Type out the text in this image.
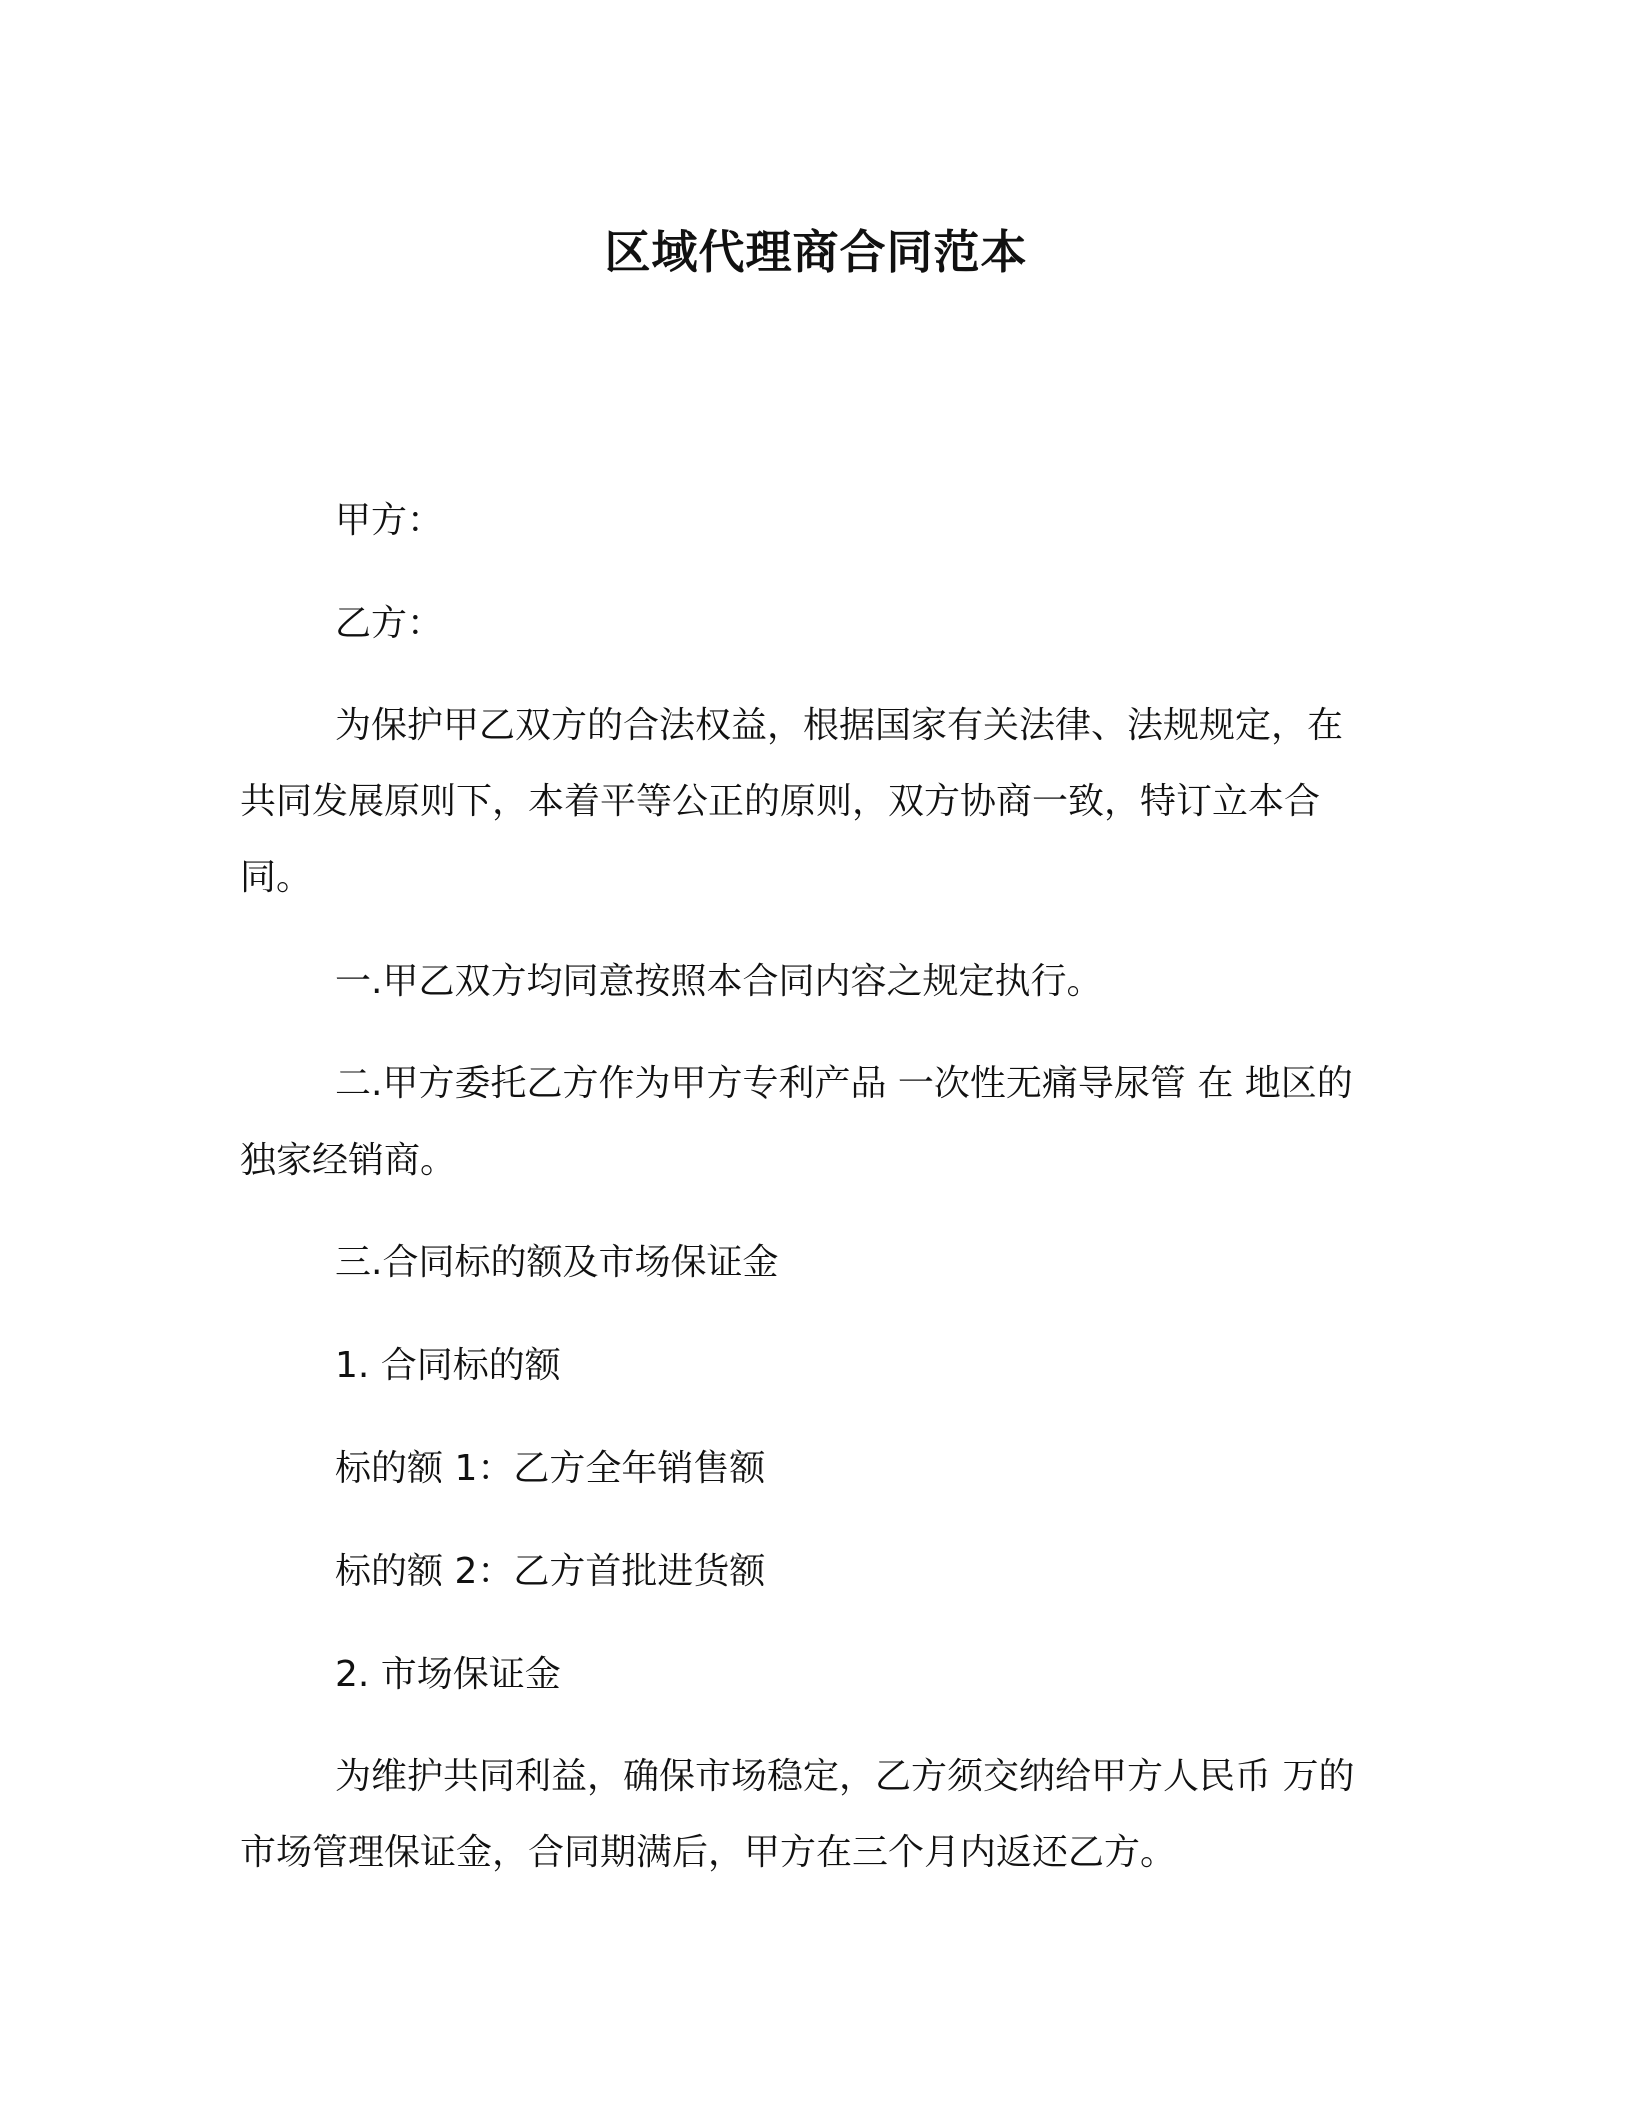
区域代理商合同范本
甲方：
乙方：
为保护甲乙双方的合法权益，根据国家有关法律、法规规定，在
共同发展原则下，本着平等公正的原则，双方协商一致，特订立本合
同。
一.甲乙双方均同意按照本合同内容之规定执行。
二.甲方委托乙方作为甲方专利产品 一次性无痛导尿管 在 地区的
独家经销商。
三.合同标的额及市场保证金
1. 合同标的额
标的额 1：乙方全年销售额
标的额 2：乙方首批进货额
2. 市场保证金
为维护共同利益，确保市场稳定，乙方须交纳给甲方人民币 万的
市场管理保证金，合同期满后，甲方在三个月内返还乙方。
